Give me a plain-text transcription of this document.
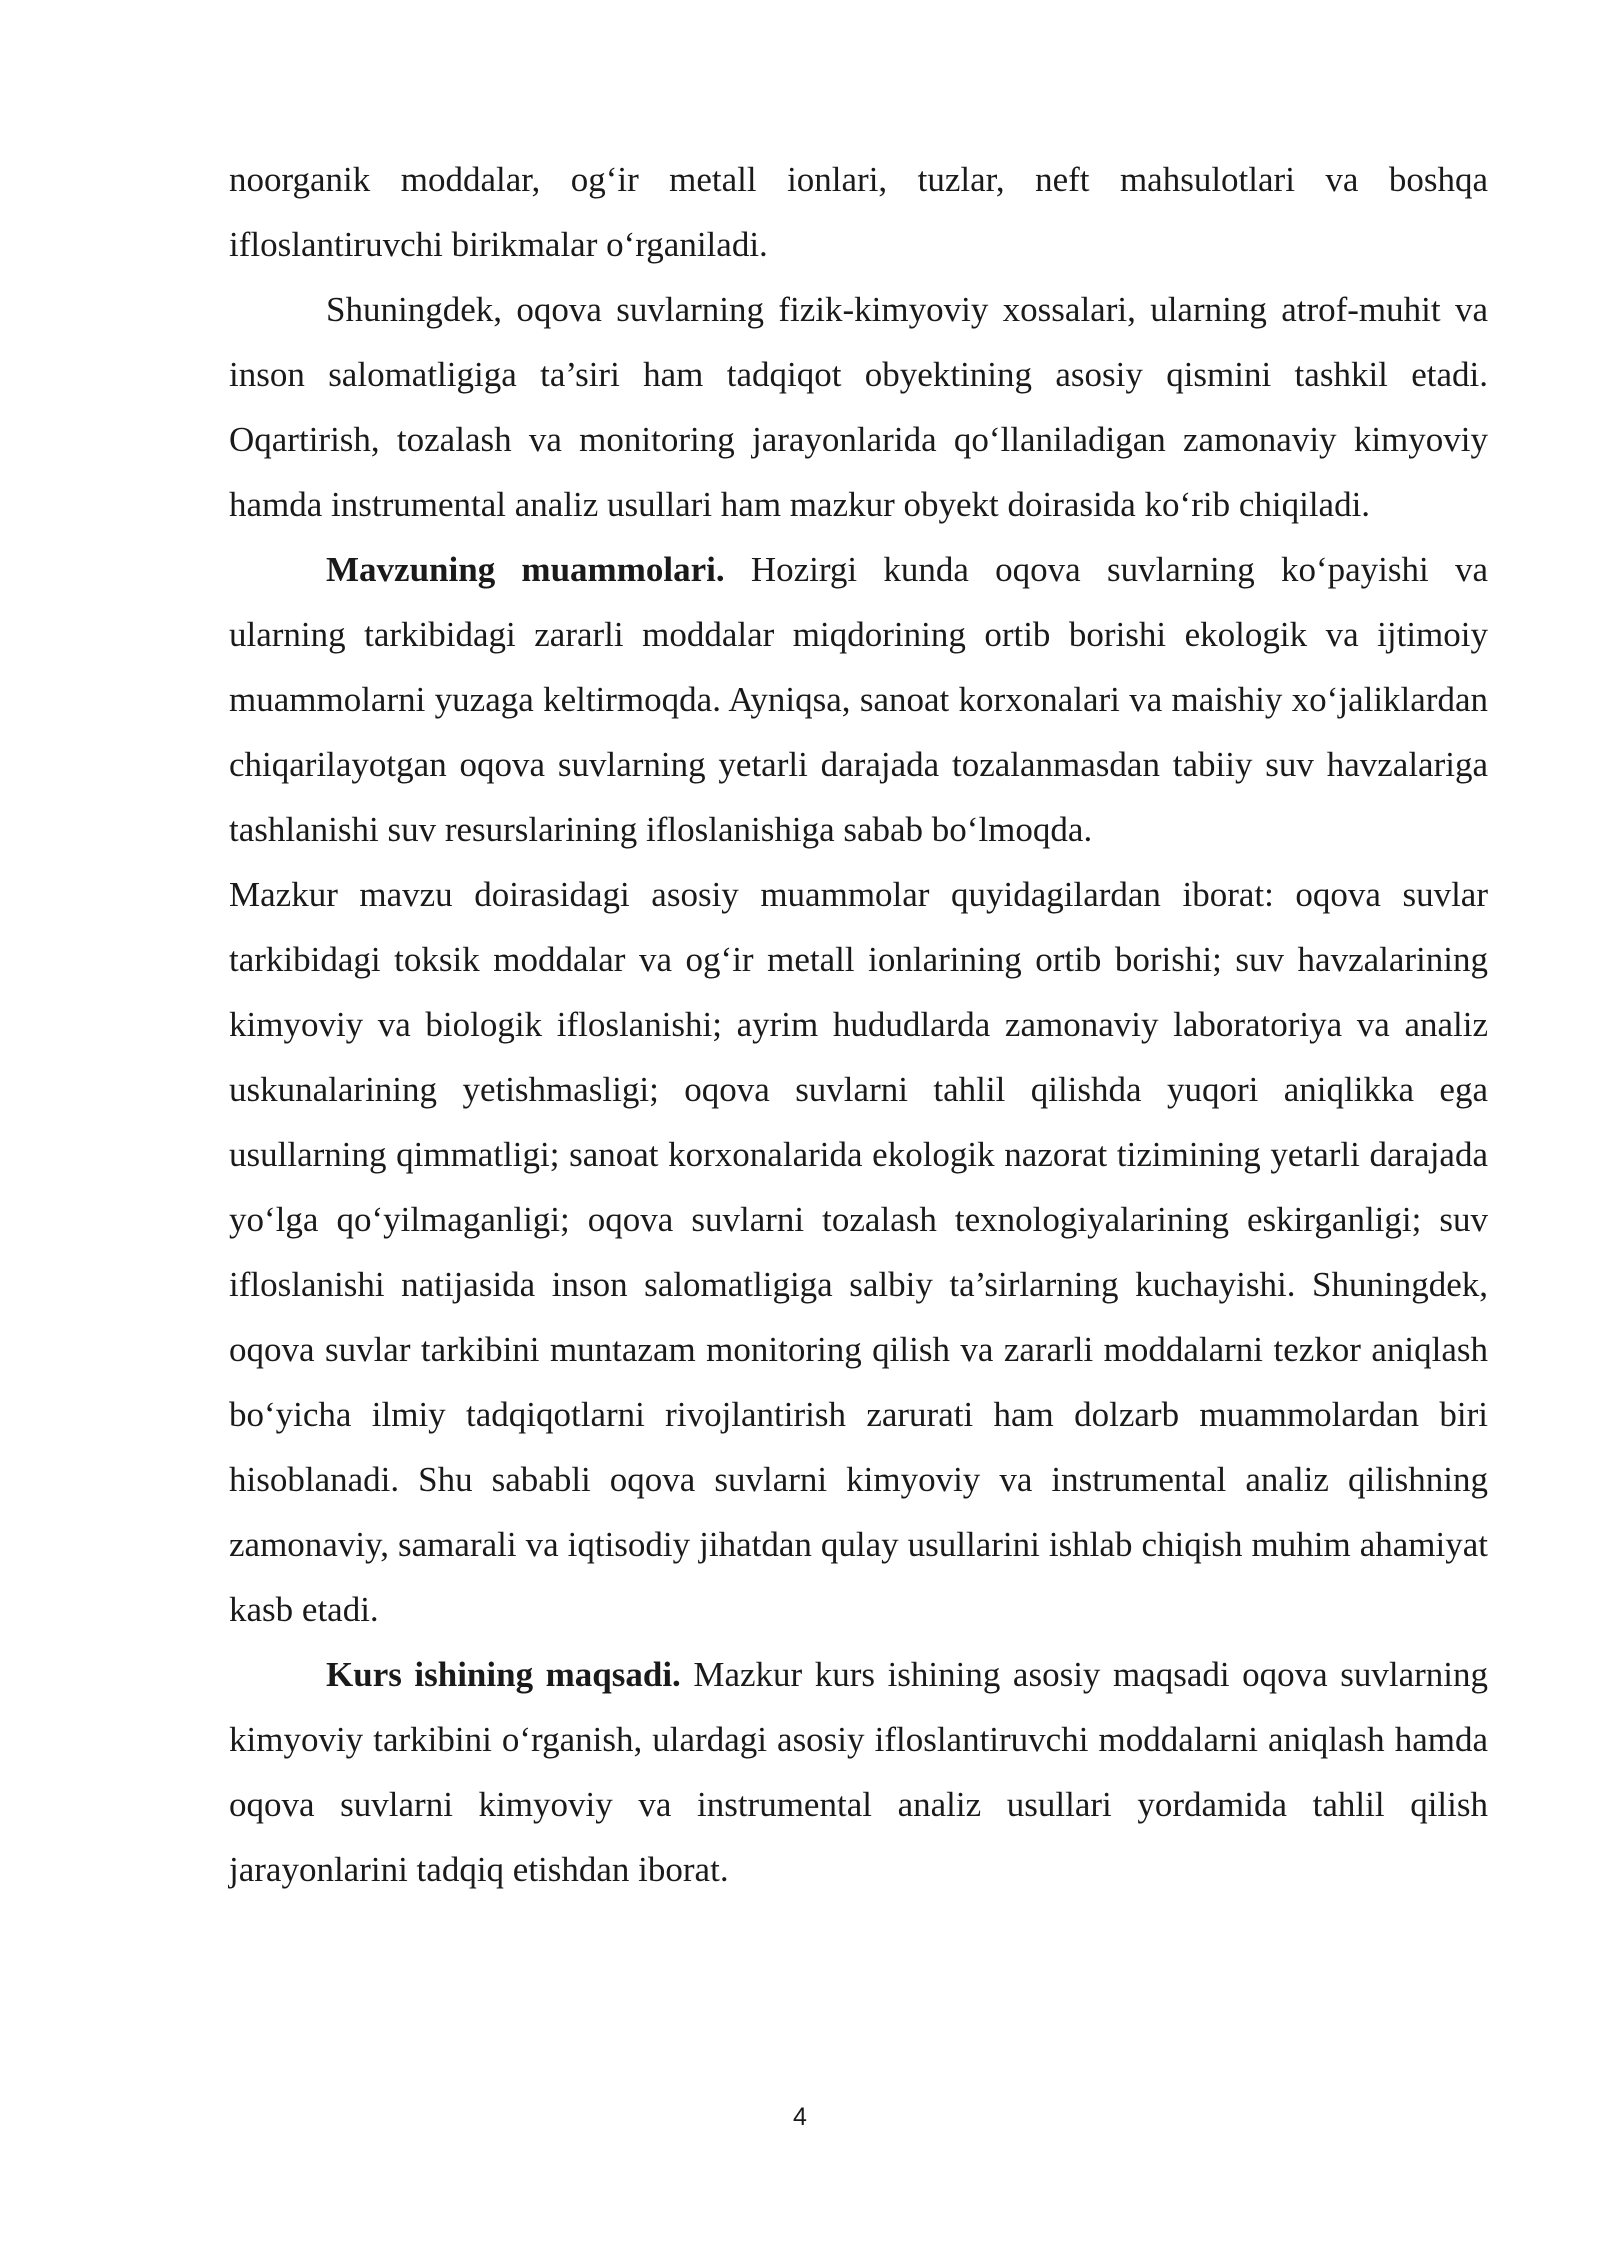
noorganik moddalar, og‘ir metall ionlari, tuzlar, neft mahsulotlari va boshqa ifloslantiruvchi birikmalar o‘rganiladi.

Shuningdek, oqova suvlarning fizik-kimyoviy xossalari, ularning atrof-muhit va inson salomatligiga ta’siri ham tadqiqot obyektining asosiy qismini tashkil etadi. Oqartirish, tozalash va monitoring jarayonlarida qo‘llaniladigan zamonaviy kimyoviy hamda instrumental analiz usullari ham mazkur obyekt doirasida ko‘rib chiqiladi.

Mavzuning muammolari. Hozirgi kunda oqova suvlarning ko‘payishi va ularning tarkibidagi zararli moddalar miqdorining ortib borishi ekologik va ijtimoiy muammolarni yuzaga keltirmoqda. Ayniqsa, sanoat korxonalari va maishiy xo‘jaliklardan chiqarilayotgan oqova suvlarning yetarli darajada tozalanmasdan tabiiy suv havzalariga tashlanishi suv resurslarining ifloslanishiga sabab bo‘lmoqda.

Mazkur mavzu doirasidagi asosiy muammolar quyidagilardan iborat: oqova suvlar tarkibidagi toksik moddalar va og‘ir metall ionlarining ortib borishi; suv havzalarining kimyoviy va biologik ifloslanishi; ayrim hududlarda zamonaviy laboratoriya va analiz uskunalarining yetishmasligi; oqova suvlarni tahlil qilishda yuqori aniqlikka ega usullarning qimmatligi; sanoat korxonalarida ekologik nazorat tizimining yetarli darajada yo‘lga qo‘yilmaganligi; oqova suvlarni tozalash texnologiyalarining eskirganligi; suv ifloslanishi natijasida inson salomatligiga salbiy ta’sirlarning kuchayishi. Shuningdek, oqova suvlar tarkibini muntazam monitoring qilish va zararli moddalarni tezkor aniqlash bo‘yicha ilmiy tadqiqotlarni rivojlantirish zarurati ham dolzarb muammolardan biri hisoblanadi. Shu sababli oqova suvlarni kimyoviy va instrumental analiz qilishning zamonaviy, samarali va iqtisodiy jihatdan qulay usullarini ishlab chiqish muhim ahamiyat kasb etadi.

Kurs ishining maqsadi. Mazkur kurs ishining asosiy maqsadi oqova suvlarning kimyoviy tarkibini o‘rganish, ulardagi asosiy ifloslantiruvchi moddalarni aniqlash hamda oqova suvlarni kimyoviy va instrumental analiz usullari yordamida tahlil qilish jarayonlarini tadqiq etishdan iborat.

4
